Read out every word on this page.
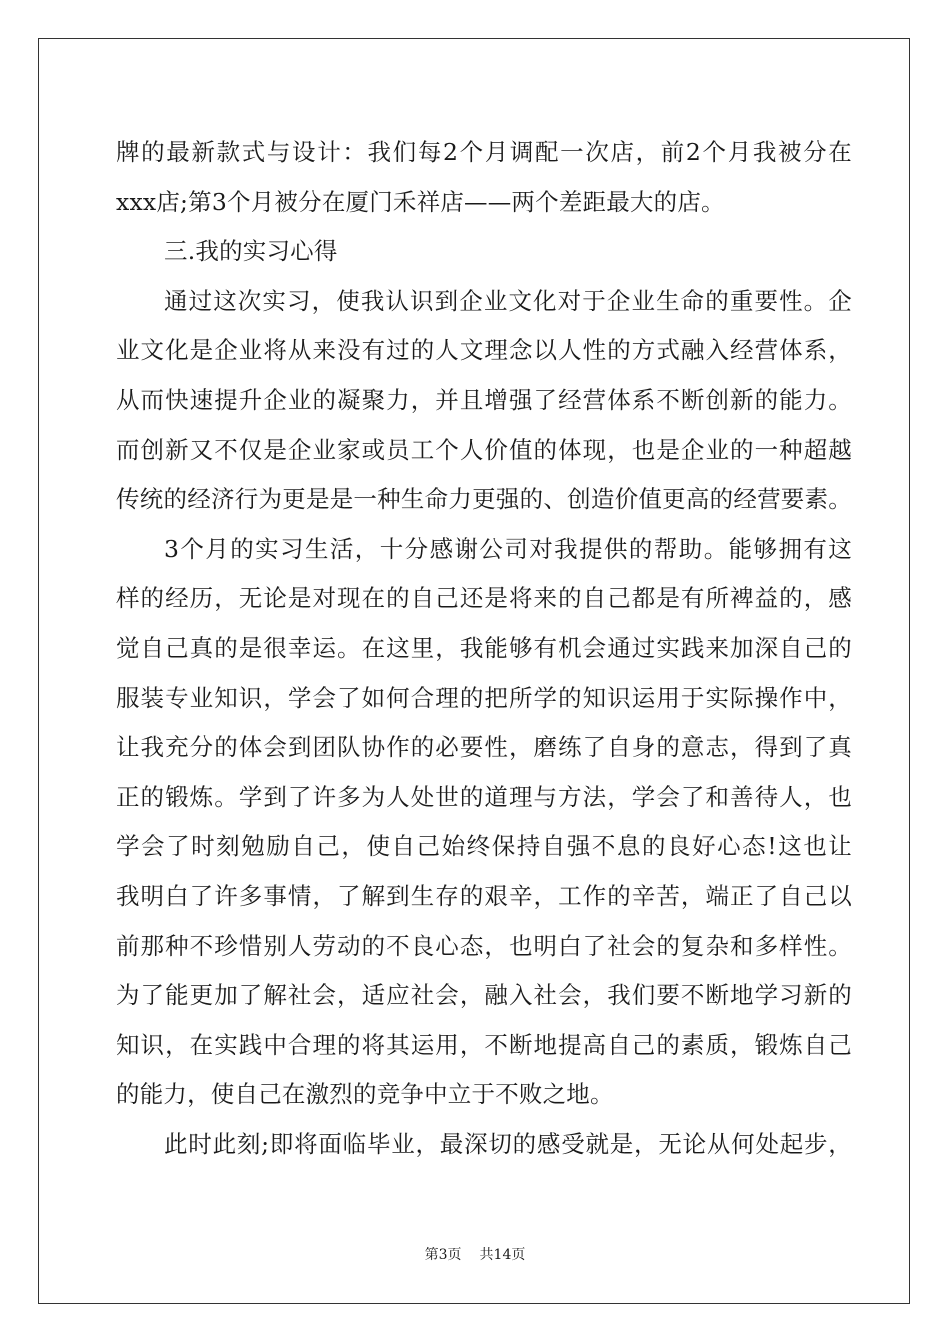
牌的最新款式与设计：我们每2个月调配一次店，前2个月我被分在
xxx店;第3个月被分在厦门禾祥店——两个差距最大的店。
三.我的实习心得
通过这次实习，使我认识到企业文化对于企业生命的重要性。企
业文化是企业将从来没有过的人文理念以人性的方式融入经营体系，
从而快速提升企业的凝聚力，并且增强了经营体系不断创新的能力。
而创新又不仅是企业家或员工个人价值的体现，也是企业的一种超越
传统的经济行为更是是一种生命力更强的、创造价值更高的经营要素。
3个月的实习生活，十分感谢公司对我提供的帮助。能够拥有这
样的经历，无论是对现在的自己还是将来的自己都是有所裨益的，感
觉自己真的是很幸运。在这里，我能够有机会通过实践来加深自己的
服装专业知识，学会了如何合理的把所学的知识运用于实际操作中，
让我充分的体会到团队协作的必要性，磨练了自身的意志，得到了真
正的锻炼。学到了许多为人处世的道理与方法，学会了和善待人，也
学会了时刻勉励自己，使自己始终保持自强不息的良好心态!这也让
我明白了许多事情，了解到生存的艰辛，工作的辛苦，端正了自己以
前那种不珍惜别人劳动的不良心态，也明白了社会的复杂和多样性。
为了能更加了解社会，适应社会，融入社会，我们要不断地学习新的
知识，在实践中合理的将其运用，不断地提高自己的素质，锻炼自己
的能力，使自己在激烈的竞争中立于不败之地。
此时此刻;即将面临毕业，最深切的感受就是，无论从何处起步，
第3页 共14页
